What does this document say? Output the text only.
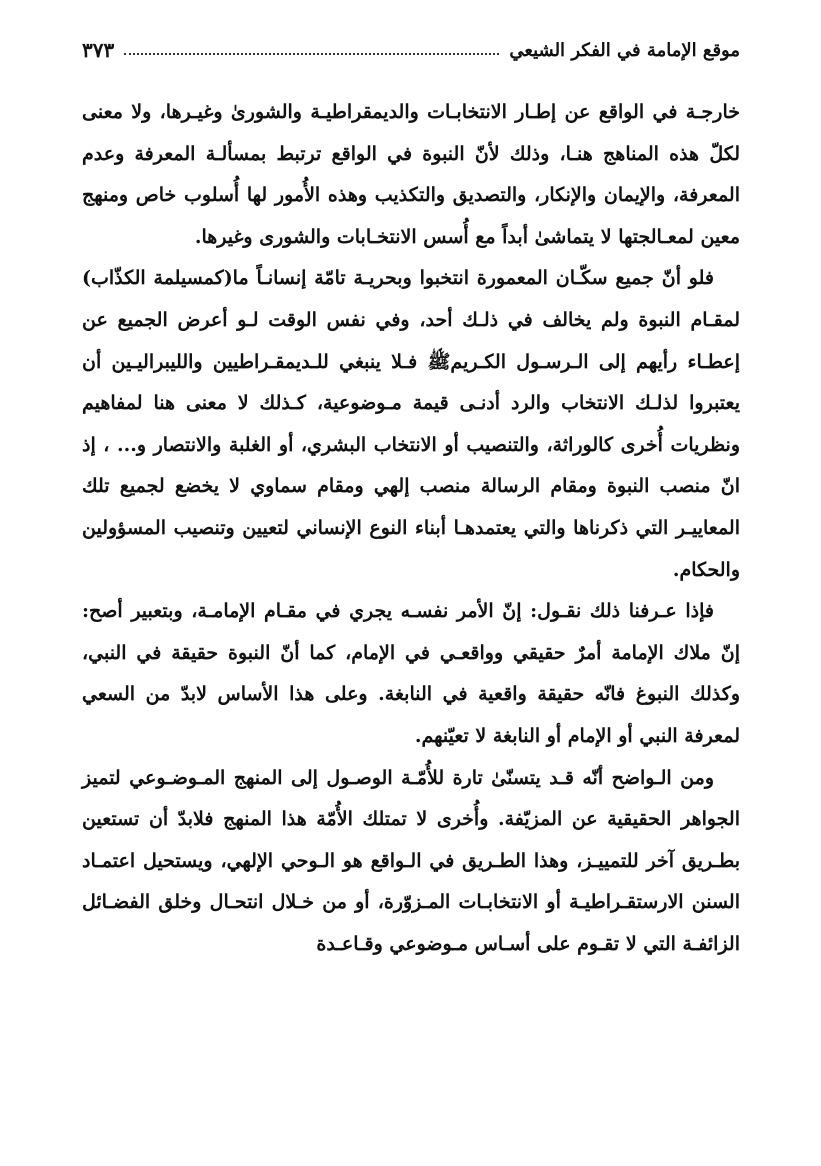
موقع الإمامة في الفكر الشيعي
٣٧٣

خارجـة في الواقع عن إطـار الانتخابـات والديمقراطيـة والشورىٰ وغيـرها، ولا معنى لكلّ هذه المناهج هنـا، وذلك لأنّ النبوة في الواقع ترتبط بمسألـة المعرفة وعدم المعرفة، والإيمان والإنكار، والتصديق والتكذيب وهذه الأُمور لها أُسلوب خاص ومنهج معين لمعـالجتها لا يتماشىٰ أبداً مع أُسس الانتخـابات والشورى وغيرها.

فلو أنّ جميع سكّـان المعمورة انتخبوا وبحريـة تامّة إنسانـاً ما(كمسيلمة الكذّاب) لمقـام النبوة ولم يخالف في ذلـك أحد، وفي نفس الوقت لـو أعرض الجميع عن إعطـاء رأيهم إلى الـرسـول الكـريمﷺ فـلا ينبغي للـديمقـراطيين والليبراليـين أن يعتبروا لذلـك الانتخاب والرد أدنـى قيمة مـوضوعية، كـذلك لا معنى هنا لمفاهيم ونظريات أُخرى كالوراثة، والتنصيب أو الانتخاب البشري، أو الغلبة والانتصار و... ، إذ انّ منصب النبوة ومقام الرسالة منصب إلهي ومقام سماوي لا يخضع لجميع تلك المعاييـر التي ذكرناها والتي يعتمدهـا أبناء النوع الإنساني لتعيين وتنصيب المسؤولين والحكام.

فإذا عـرفنا ذلك نقـول: إنّ الأمر نفسـه يجري في مقـام الإمامـة، وبتعبير أصح: إنّ ملاك الإمامة أمرٌ حقيقي وواقعـي في الإمام، كما أنّ النبوة حقيقة في النبي، وكذلك النبوغ فانّه حقيقة واقعية في النابغة. وعلى هذا الأساس لابدّ من السعي لمعرفة النبي أو الإمام أو النابغة لا تعيّنهم.

ومن الـواضح أنّه قـد يتسنّىٰ تارة للأُمّـة الوصـول إلى المنهج المـوضـوعي لتميز الجواهر الحقيقية عن المزيّفة. وأُخرى لا تمتلك الأُمّة هذا المنهج فلابدّ أن تستعين بطـريق آخر للتمييـز، وهذا الطـريق في الـواقع هو الـوحي الإلهي، ويستحيل اعتمـاد السنن الارستقـراطيـة أو الانتخابـات المـزوّرة، أو من خـلال انتحـال وخلق الفضـائل الزائفـة التي لا تقـوم على أسـاس مـوضوعي وقـاعـدة
